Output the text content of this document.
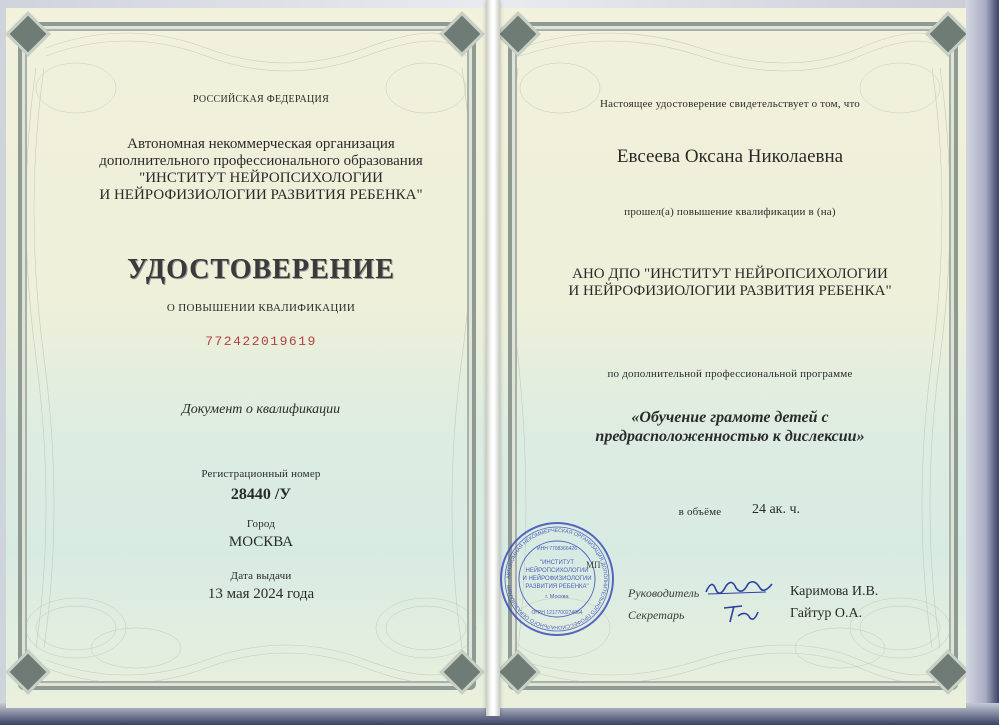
РОССИЙСКАЯ ФЕДЕРАЦИЯ
Автономная некоммерческая организация
дополнительного профессионального образования
"ИНСТИТУТ НЕЙРОПСИХОЛОГИИ
И НЕЙРОФИЗИОЛОГИИ РАЗВИТИЯ РЕБЕНКА"
УДОСТОВЕРЕНИЕ
О ПОВЫШЕНИИ КВАЛИФИКАЦИИ
772422019619
Документ о квалификации
Регистрационный номер
28440 /У
Город
МОСКВА
Дата выдачи
13 мая 2024 года
Настоящее удостоверение свидетельствует о том, что
Евсеева Оксана Николаевна
прошел(а) повышение квалификации в (на)
АНО ДПО "ИНСТИТУТ НЕЙРОПСИХОЛОГИИ
И НЕЙРОФИЗИОЛОГИИ РАЗВИТИЯ РЕБЕНКА"
по дополнительной профессиональной программе
«Обучение грамоте детей с
предрасположенностью к дислексии»
в объёме	24 ак. ч.
Руководитель	Каримова И.В.
Секретарь	Гайтур О.А.
АВТОНОМНАЯ НЕКОММЕРЧЕСКАЯ ОРГАНИЗАЦИЯ ДОПОЛНИТЕЛЬНОГО ПРОФЕССИОНАЛЬНОГО ОБРАЗОВАНИЯ
ИНН 7708366426
"ИНСТИТУТ
НЕЙРОПСИХОЛОГИИ
И НЕЙРОФИЗИОЛОГИИ
РАЗВИТИЯ РЕБЕНКА"
г. Москва
ОГРН 1217700274064
МП
